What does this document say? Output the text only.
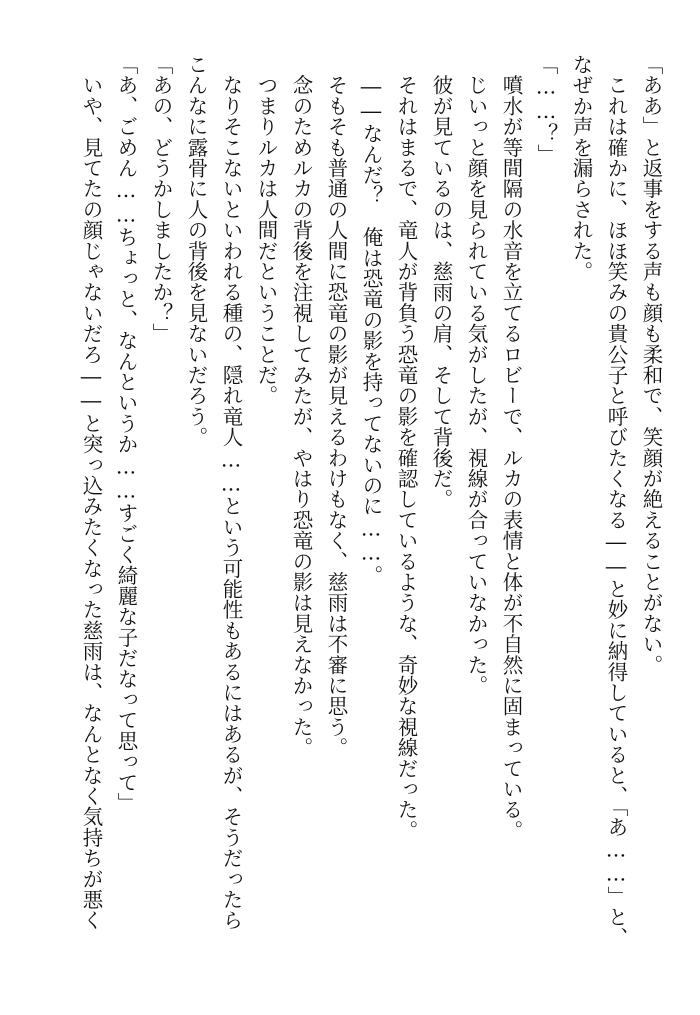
「ああ」と返事をする声も顔も柔和で、笑顔が絶えることがない。
　これは確かに、ほほ笑みの貴公子と呼びたくなる――と妙に納得していると、「あ……」と、
なぜか声を漏らされた。
「……？」
　噴水が等間隔の水音を立てるロビーで、ルカの表情と体が不自然に固まっている。
　じいっと顔を見られている気がしたが、視線が合っていなかった。
　彼が見ているのは、慈雨の肩、そして背後だ。
　それはまるで、竜人が背負う恐竜の影を確認しているような、奇妙な視線だった。
　――なんだ？　俺は恐竜の影を持ってないのに……。
　そもそも普通の人間に恐竜の影が見えるわけもなく、慈雨は不審に思う。
　念のためルカの背後を注視してみたが、やはり恐竜の影は見えなかった。
　つまりルカは人間だということだ。
　なりそこないといわれる種の、隠れ竜人……という可能性もあるにはあるが、そうだったら
こんなに露骨に人の背後を見ないだろう。
「あの、どうかしましたか？」
「あ、ごめん……ちょっと、なんというか……すごく綺麗な子だなって思って」
　いや、見てたの顔じゃないだろ――と突っ込みたくなった慈雨は、なんとなく気持ちが悪く
